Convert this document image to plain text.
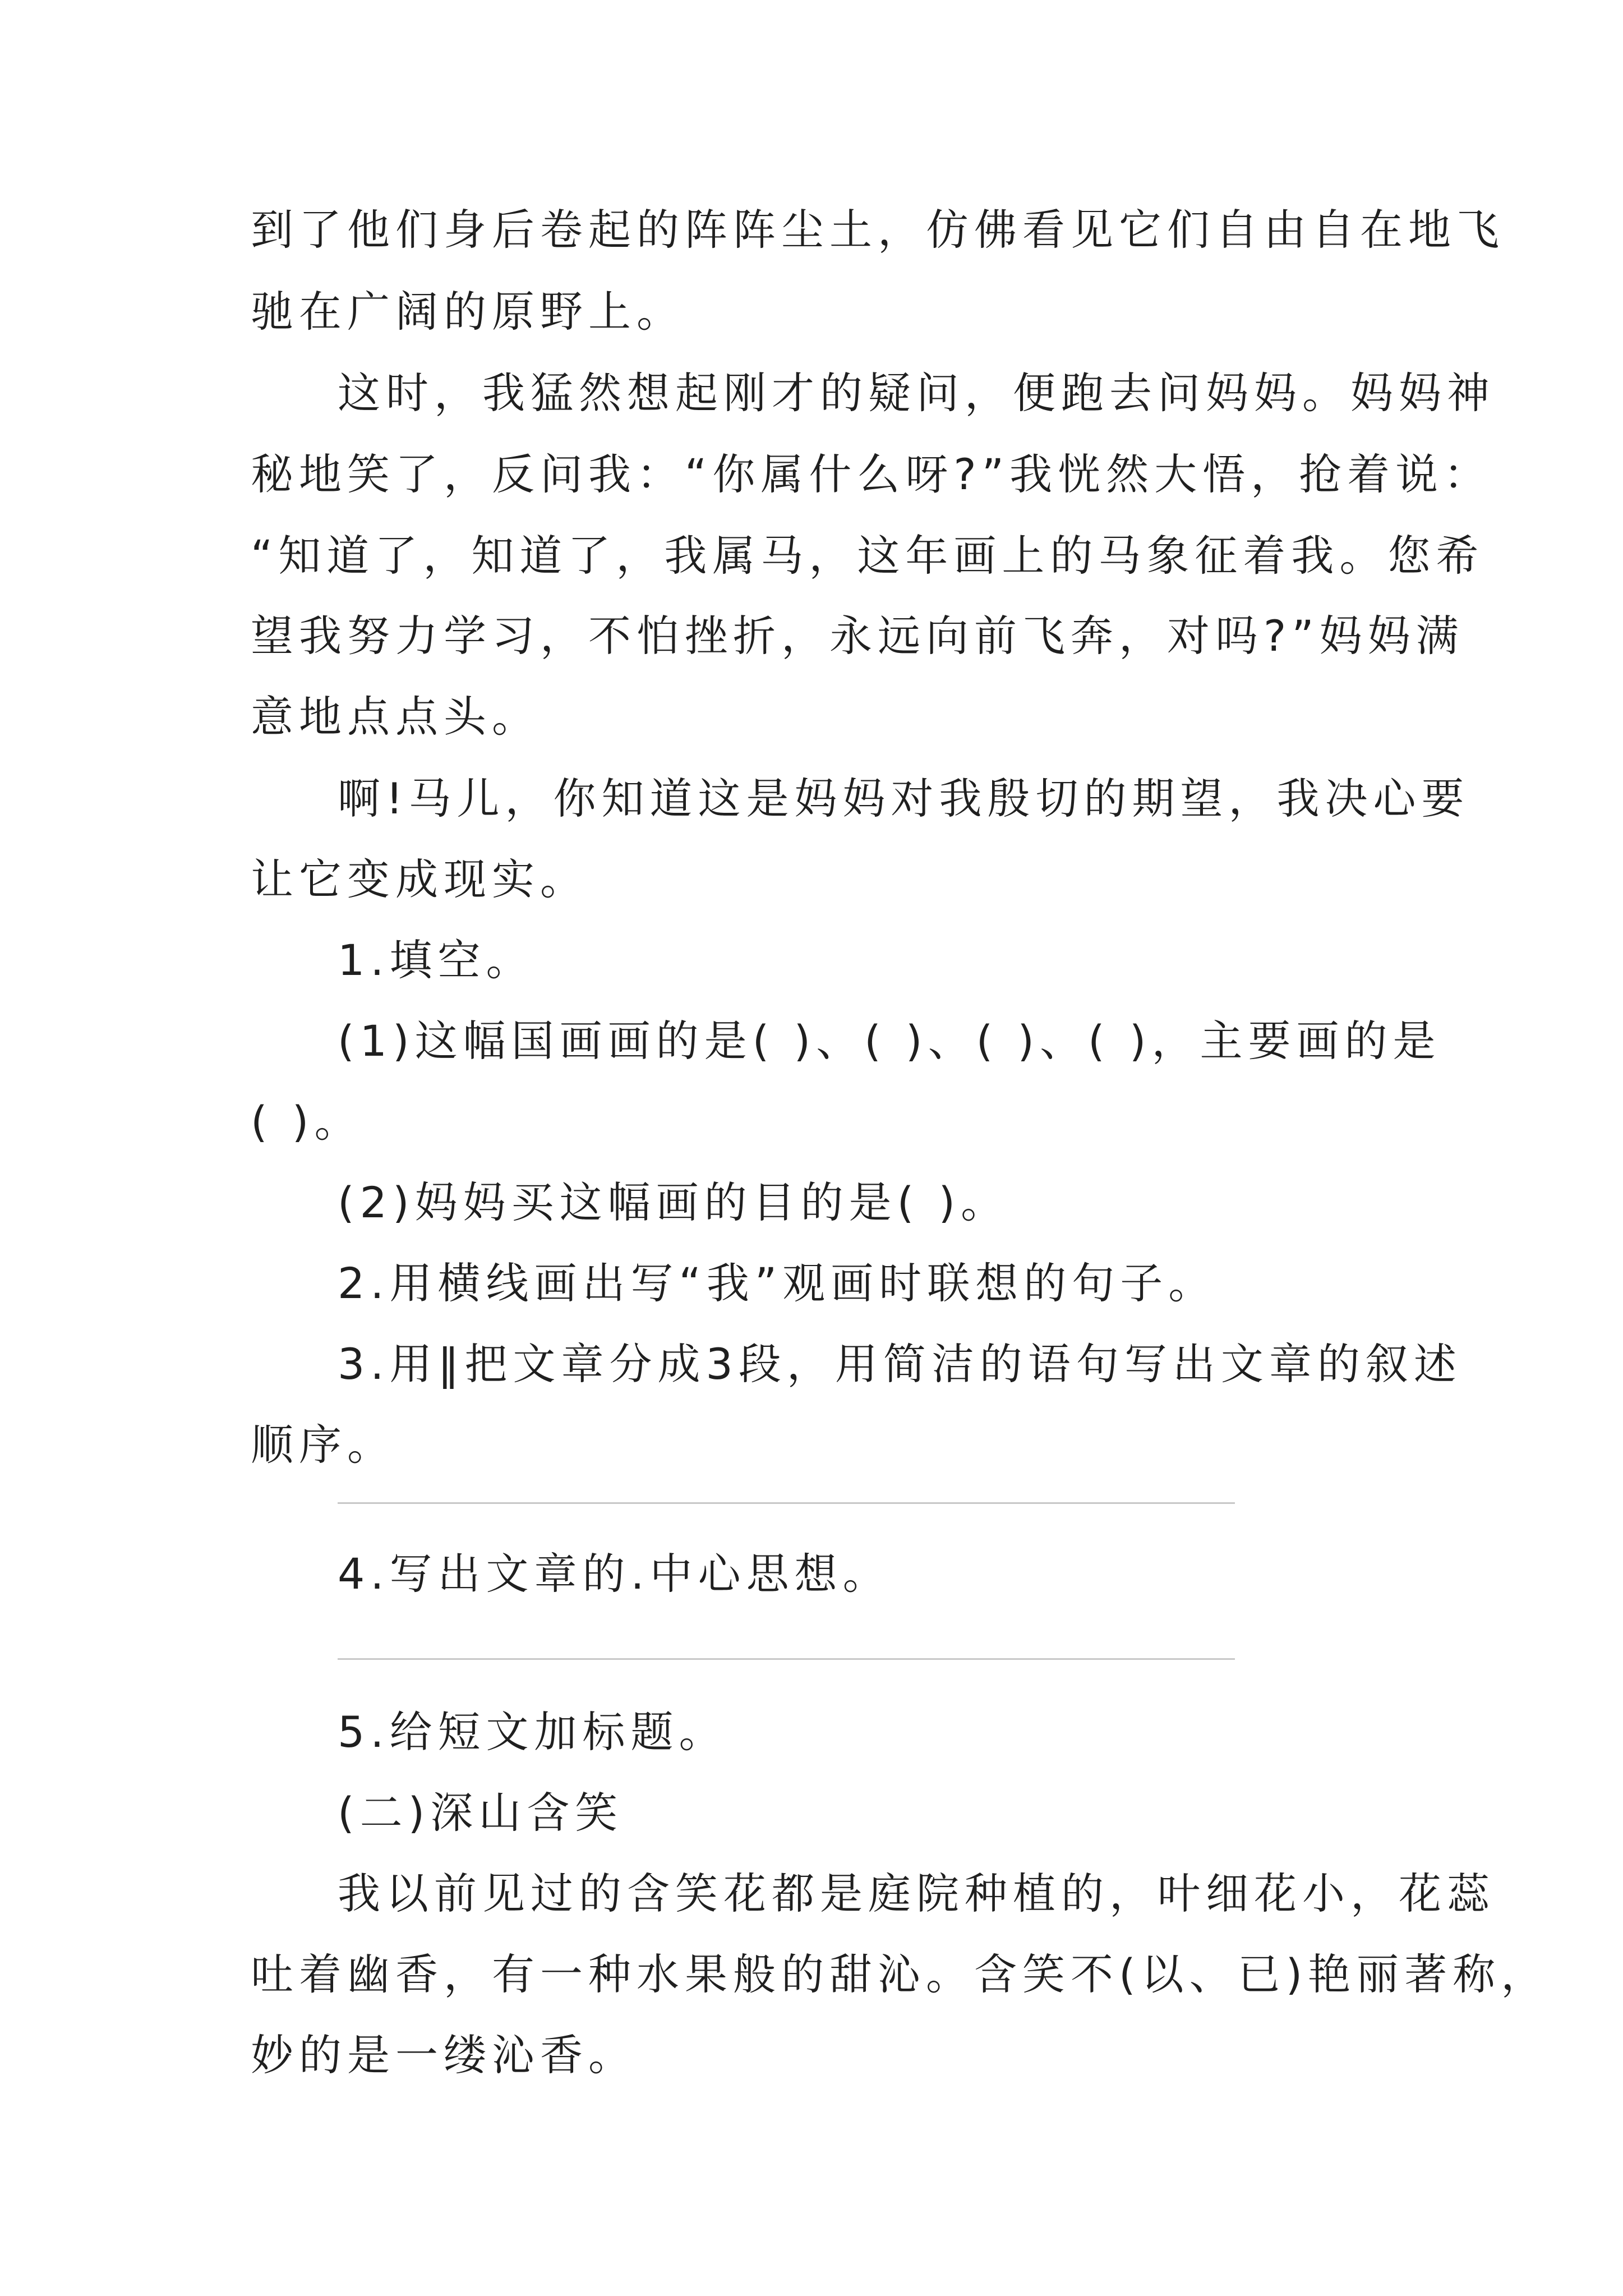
到了他们身后卷起的阵阵尘土，仿佛看见它们自由自在地飞
驰在广阔的原野上。
这时，我猛然想起刚才的疑问，便跑去问妈妈。妈妈神
秘地笑了，反问我：“你属什么呀?”我恍然大悟，抢着说：
“知道了，知道了，我属马，这年画上的马象征着我。您希
望我努力学习，不怕挫折，永远向前飞奔，对吗?”妈妈满
意地点点头。
啊!马儿，你知道这是妈妈对我殷切的期望，我决心要
让它变成现实。
1.填空。
(1)这幅国画画的是( )、( )、( )、( )，主要画的是
( )。
(2)妈妈买这幅画的目的是( )。
2.用横线画出写“我”观画时联想的句子。
3.用‖把文章分成3段，用简洁的语句写出文章的叙述
顺序。
4.写出文章的.中心思想。
5.给短文加标题。
(二)深山含笑
我以前见过的含笑花都是庭院种植的，叶细花小，花蕊
吐着幽香，有一种水果般的甜沁。含笑不(以、已)艳丽著称，
妙的是一缕沁香。
